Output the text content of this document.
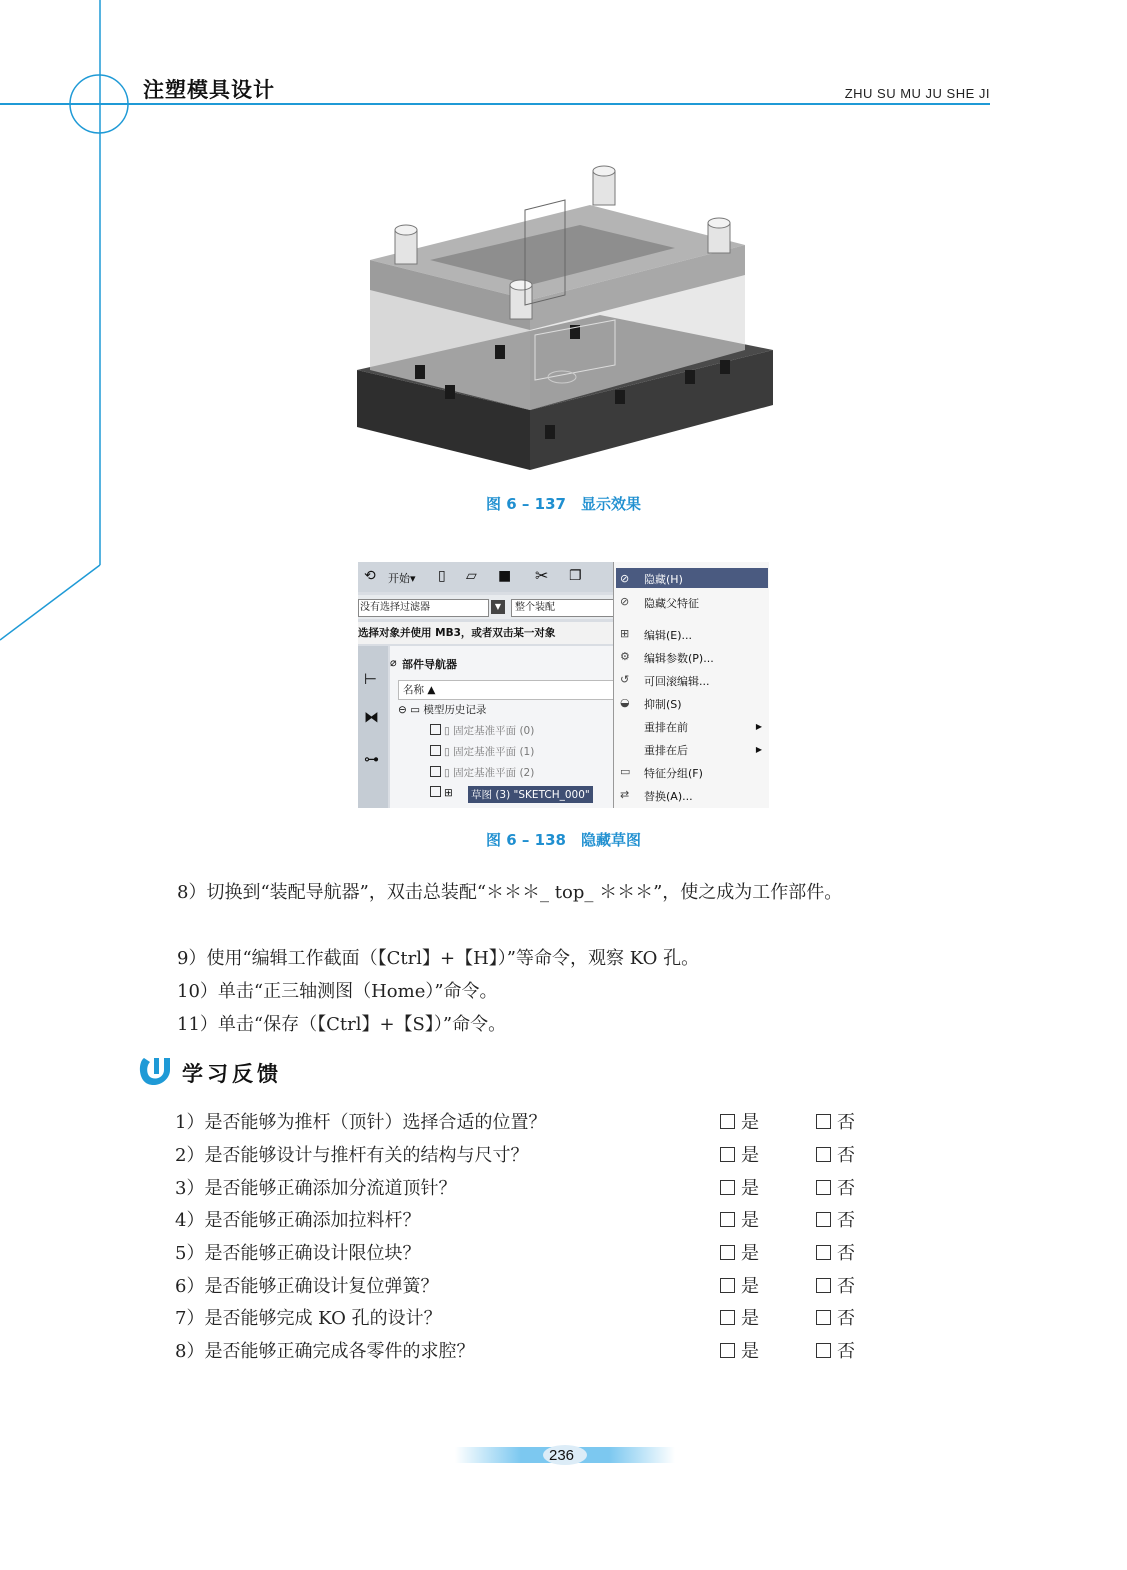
注塑模具设计	ZHU SU MU JU SHE JI
图 6 – 137　显示效果
⟲ 开始▾ ▯ ▱ ■ ✂ ❐
没有选择过滤器	▼	整个装配
选择对象并使用 MB3，或者双击某一对象
⊢
⧓
⊶
⌀ 部件导航器
名称 ▲
⊖ ▭ 模型历史记录
▯ 固定基准平面 (0)
▯ 固定基准平面 (1)
▯ 固定基准平面 (2)
⊞ 草图 (3) "SKETCH_000"
⊘	隐藏(H)
⊘	隐藏父特征
⊞	编辑(E)...
⚙	编辑参数(P)...
↺	可回滚编辑...
◒	抑制(S)
重排在前	▶
重排在后	▶
▭	特征分组(F)
⇄	替换(A)...
图 6 – 138　隐藏草图
8）切换到“装配导航器”，双击总装配“＊＊＊_ top_ ＊＊＊”，使之成为工作部件。
9）使用“编辑工作截面（【Ctrl】+【H】）”等命令，观察 KO 孔。
10）单击“正三轴测图（Home）”命令。
11）单击“保存（【Ctrl】+【S】）”命令。
学习反馈
1）是否能够为推杆（顶针）选择合适的位置？	是	否
2）是否能够设计与推杆有关的结构与尺寸？	是	否
3）是否能够正确添加分流道顶针？	是	否
4）是否能够正确添加拉料杆？	是	否
5）是否能够正确设计限位块？	是	否
6）是否能够正确设计复位弹簧？	是	否
7）是否能够完成 KO 孔的设计？	是	否
8）是否能够正确完成各零件的求腔？	是	否
236
